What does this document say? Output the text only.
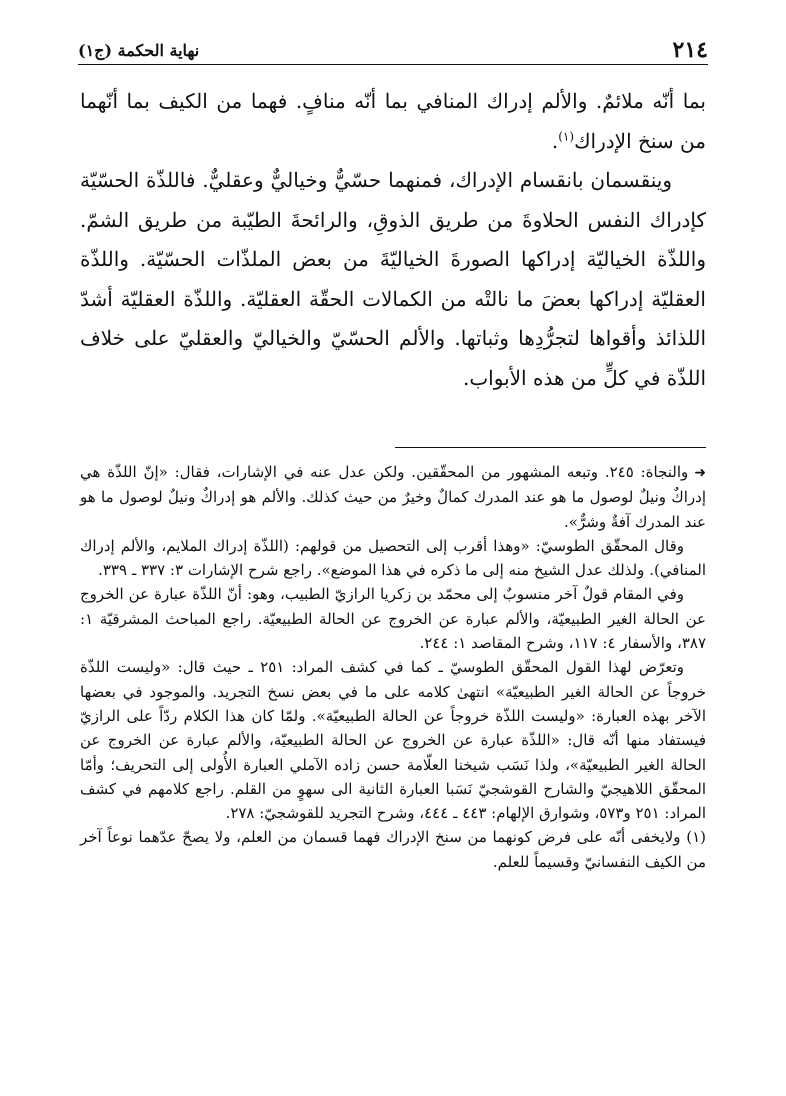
٢١٤
نهاية الحكمة (ج١)

بما أنّه ملائمٌ. والألم إدراك المنافي بما أنّه منافٍ. فهما من الكيف بما أنّهما من سنخ الإدراك$^{(١)}$.

وينقسمان بانقسام الإدراك، فمنهما حسّيٌّ وخياليٌّ وعقليٌّ. فاللذّة الحسّيّة كإدراك النفس الحلاوةَ من طريق الذوقِ، والرائحةَ الطيّبة من طريق الشمّ. واللذّة الخياليّة إدراكها الصورةَ الخياليّةَ من بعض الملذّات الحسّيّة. واللذّة العقليّة إدراكها بعضَ ما نالتْه من الكمالات الحقّة العقليّة. واللذّة العقليّة أشدّ اللذائذ وأقواها لتجرُّدِها وثباتها. والألم الحسّيّ والخياليّ والعقليّ على خلاف اللذّة في كلٍّ من هذه الأبواب.

➜والنجاة: ٢٤٥. وتبعه المشهور من المحقّقين. ولكن عدل عنه في الإشارات، فقال: «إنّ اللذّة هي إدراكٌ ونيلٌ لوصول ما هو عند المدرك كمالٌ وخيرٌ من حيث كذلك. والألم هو إدراكٌ ونيلٌ لوصول ما هو عند المدرك آفةٌ وشرٌّ».

وقال المحقّق الطوسيّ: «وهذا أقرب إلى التحصيل من قولهم: (اللذّة إدراك الملايم، والألم إدراك المنافي). ولذلك عدل الشيخ منه إلى ما ذكره في هذا الموضع». راجع شرح الإشارات ٣: ٣٣٧ ـ ٣٣٩.

وفي المقام قولٌ آخر منسوبٌ إلى محمّد بن زكريا الرازيّ الطبيب، وهو: أنّ اللذّة عبارة عن الخروج عن الحالة الغير الطبيعيّة، والألم عبارة عن الخروج عن الحالة الطبيعيّة. راجع المباحث المشرقيّة ١: ٣٨٧، والأسفار ٤: ١١٧، وشرح المقاصد ١: ٢٤٤.

وتعرّض لهذا القول المحقّق الطوسيّ ـ كما في كشف المراد: ٢٥١ ـ حيث قال: «وليست اللذّة خروجاً عن الحالة الغير الطبيعيّة» انتهىٰ كلامه على ما في بعض نسخ التجريد. والموجود في بعضها الآخر بهذه العبارة: «وليست اللذّة خروجاً عن الحالة الطبيعيّة». ولمّا كان هذا الكلام ردّاً على الرازيّ فيستفاد منها أنّه قال: «اللذّة عبارة عن الخروج عن الحالة الطبيعيّة، والألم عبارة عن الخروج عن الحالة الغير الطبيعيّة»، ولذا نَسَب شيخنا العلّامة حسن زاده الآملي العبارة الأُولى إلى التحريف؛ وأمّا المحقّق اللاهيجيّ والشارح القوشجيّ نَسَبا العبارة الثانية الى سهوٍ من القلم. راجع كلامهم في كشف المراد: ٢٥١ و٥٧٣، وشوارق الإلهام: ٤٤٣ ـ ٤٤٤، وشرح التجريد للقوشجيّ: ٢٧٨.

(١) ولايخفى أنّه على فرض كونهما من سنخ الإدراك فهما قسمان من العلم، ولا يصحّ عدّهما نوعاً آخر من الكيف النفسانيّ وقسيماً للعلم.
